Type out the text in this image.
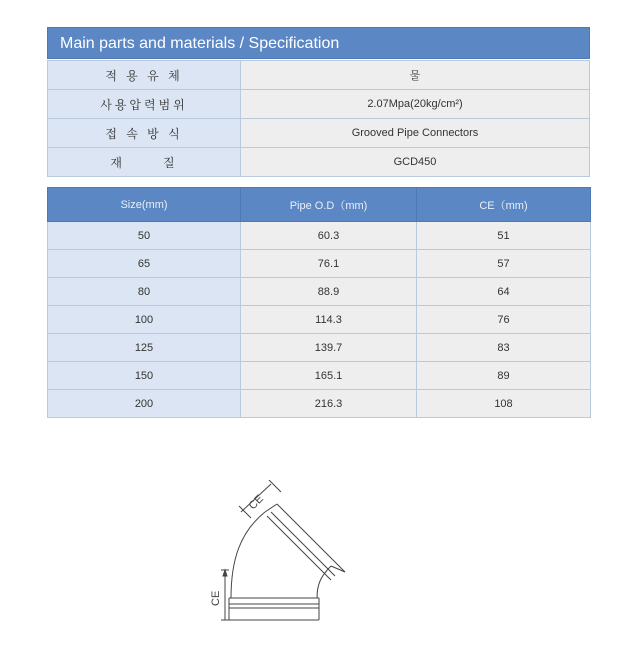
Main parts and materials / Specification
적 용 유 체	물
사용압력범위	2.07Mpa(20kg/cm²)
접 속 방 식	Grooved Pipe Connectors
재      질	GCD450
Size(mm)	Pipe O.D（mm)	CE（mm)
50	60.3	51
65	76.1	57
80	88.9	64
100	114.3	76
125	139.7	83
150	165.1	89
200	216.3	108
CE
CE
